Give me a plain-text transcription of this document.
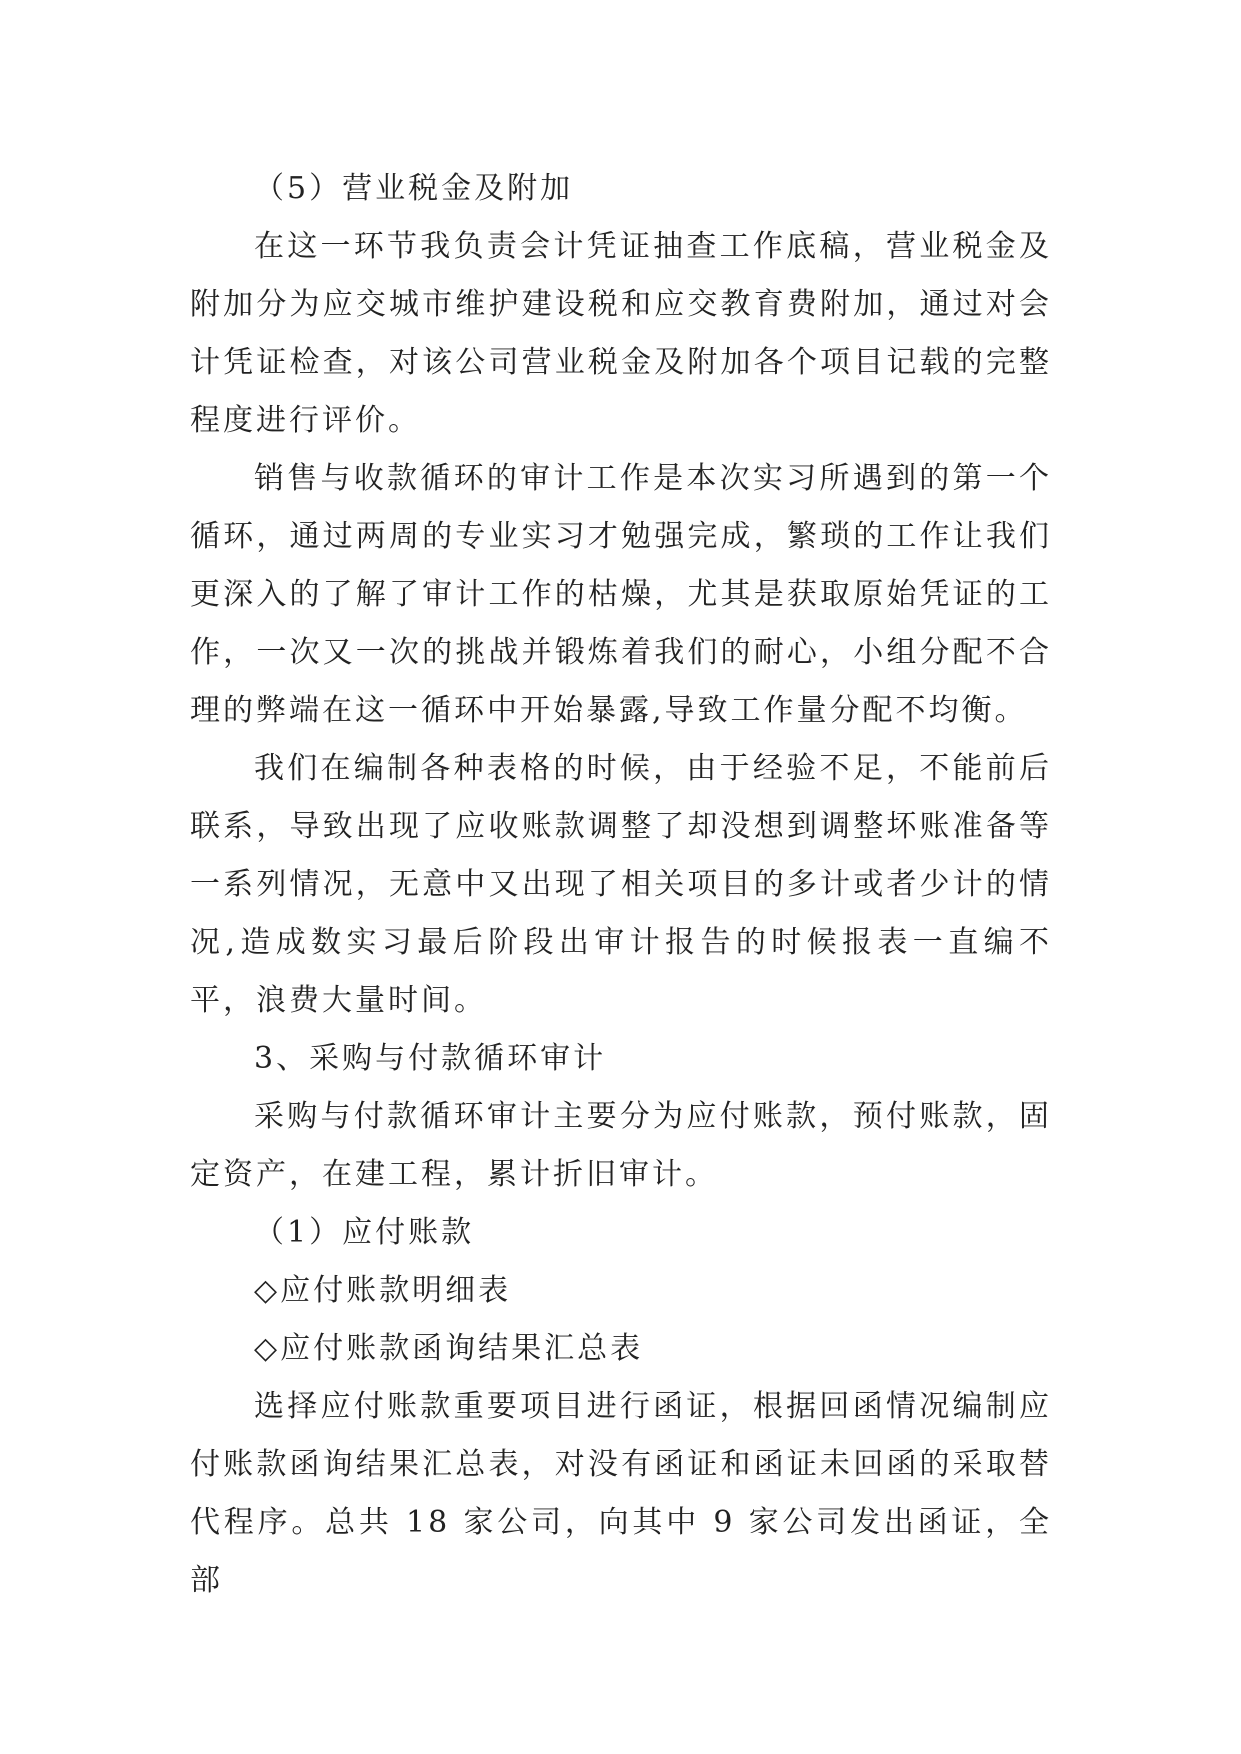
（5）营业税金及附加

在这一环节我负责会计凭证抽查工作底稿，营业税金及附加分为应交城市维护建设税和应交教育费附加，通过对会计凭证检查，对该公司营业税金及附加各个项目记载的完整程度进行评价。

销售与收款循环的审计工作是本次实习所遇到的第一个循环，通过两周的专业实习才勉强完成，繁琐的工作让我们更深入的了解了审计工作的枯燥，尤其是获取原始凭证的工作，一次又一次的挑战并锻炼着我们的耐心，小组分配不合理的弊端在这一循环中开始暴露,导致工作量分配不均衡。

我们在编制各种表格的时候，由于经验不足，不能前后联系，导致出现了应收账款调整了却没想到调整坏账准备等一系列情况，无意中又出现了相关项目的多计或者少计的情况,造成数实习最后阶段出审计报告的时候报表一直编不平，浪费大量时间。

3、采购与付款循环审计

采购与付款循环审计主要分为应付账款，预付账款，固定资产，在建工程，累计折旧审计。

（1）应付账款

◇应付账款明细表

◇应付账款函询结果汇总表

选择应付账款重要项目进行函证，根据回函情况编制应付账款函询结果汇总表，对没有函证和函证未回函的采取替代程序。总共 18 家公司，向其中 9 家公司发出函证，全部
